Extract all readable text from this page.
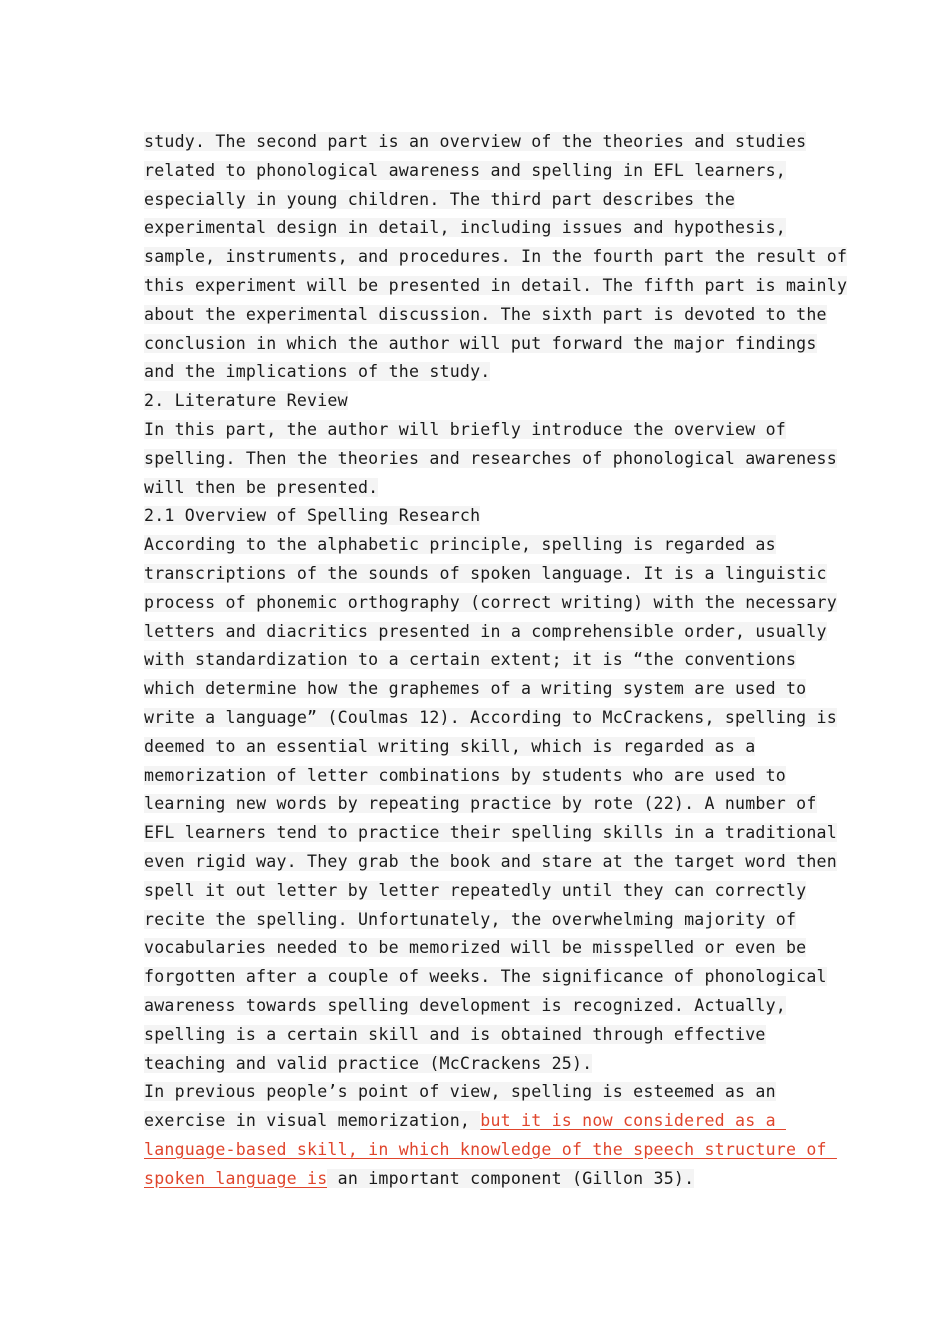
study. The second part is an overview of the theories and studies
related to phonological awareness and spelling in EFL learners,
especially in young children. The third part describes the
experimental design in detail, including issues and hypothesis,
sample, instruments, and procedures. In the fourth part the result of
this experiment will be presented in detail. The fifth part is mainly
about the experimental discussion. The sixth part is devoted to the
conclusion in which the author will put forward the major findings
and the implications of the study.
2. Literature Review
In this part, the author will briefly introduce the overview of
spelling. Then the theories and researches of phonological awareness
will then be presented.
2.1 Overview of Spelling Research
According to the alphabetic principle, spelling is regarded as
transcriptions of the sounds of spoken language. It is a linguistic
process of phonemic orthography (correct writing) with the necessary
letters and diacritics presented in a comprehensible order, usually
with standardization to a certain extent; it is “the conventions
which determine how the graphemes of a writing system are used to
write a language” (Coulmas 12). According to McCrackens, spelling is
deemed to an essential writing skill, which is regarded as a
memorization of letter combinations by students who are used to
learning new words by repeating practice by rote (22). A number of
EFL learners tend to practice their spelling skills in a traditional
even rigid way. They grab the book and stare at the target word then
spell it out letter by letter repeatedly until they can correctly
recite the spelling. Unfortunately, the overwhelming majority of
vocabularies needed to be memorized will be misspelled or even be
forgotten after a couple of weeks. The significance of phonological
awareness towards spelling development is recognized. Actually,
spelling is a certain skill and is obtained through effective
teaching and valid practice (McCrackens 25).
In previous people’s point of view, spelling is esteemed as an
exercise in visual memorization, but it is now considered as a
language-based skill, in which knowledge of the speech structure of
spoken language is an important component (Gillon 35).
